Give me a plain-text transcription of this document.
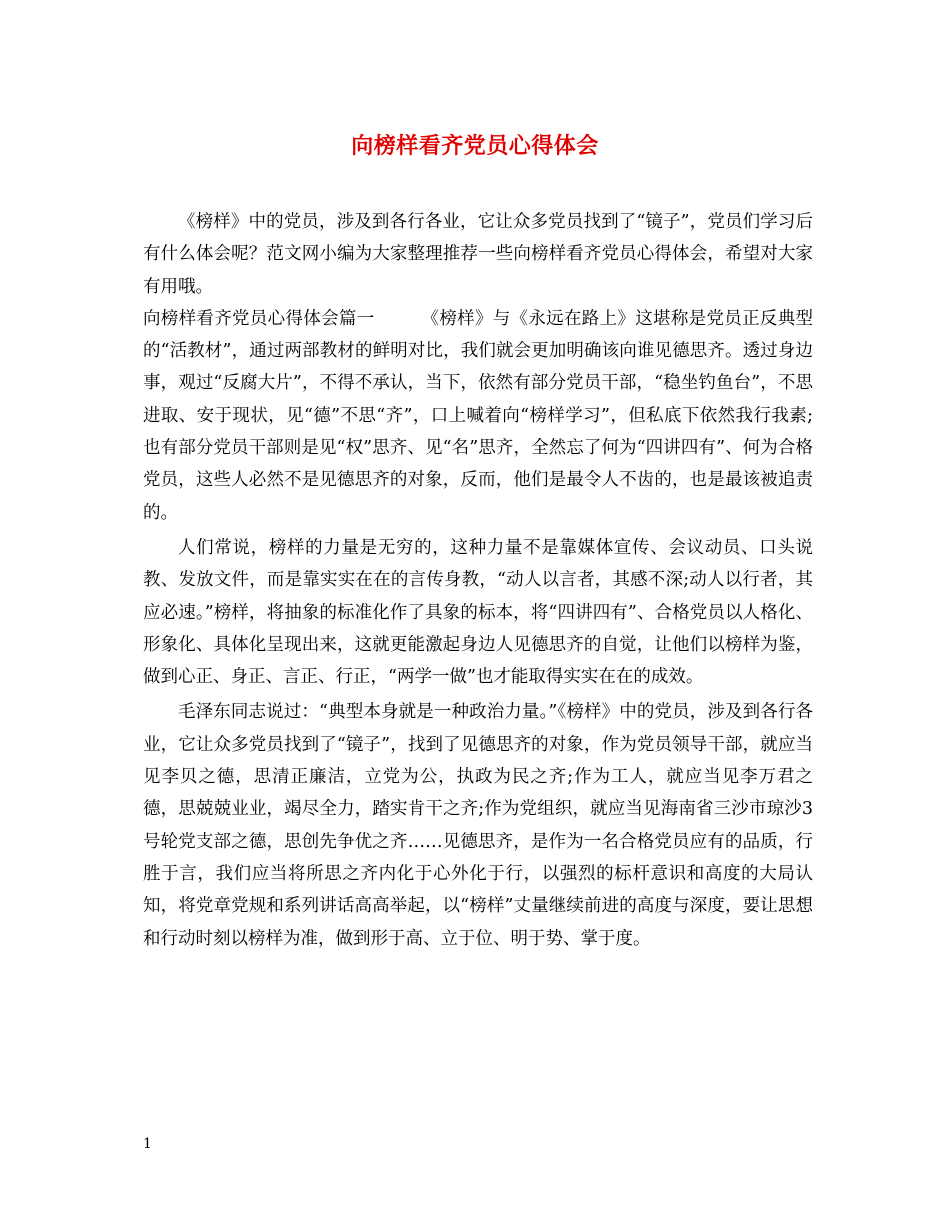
向榜样看齐党员心得体会

《榜样》中的党员，涉及到各行各业，它让众多党员找到了“镜子”，党员们学习后有什么体会呢？范文网小编为大家整理推荐一些向榜样看齐党员心得体会，希望对大家有用哦。

向榜样看齐党员心得体会篇一	《榜样》与《永远在路上》这堪称是党员正反典型的“活教材”，通过两部教材的鲜明对比，我们就会更加明确该向谁见德思齐。透过身边事，观过“反腐大片”，不得不承认，当下，依然有部分党员干部，“稳坐钓鱼台”，不思进取、安于现状，见“德”不思“齐”，口上喊着向“榜样学习”，但私底下依然我行我素;也有部分党员干部则是见“权”思齐、见“名”思齐，全然忘了何为“四讲四有”、何为合格党员，这些人必然不是见德思齐的对象，反而，他们是最令人不齿的，也是最该被追责的。

人们常说，榜样的力量是无穷的，这种力量不是靠媒体宣传、会议动员、口头说教、发放文件，而是靠实实在在的言传身教，“动人以言者，其感不深;动人以行者，其应必速。”榜样，将抽象的标准化作了具象的标本，将“四讲四有”、合格党员以人格化、形象化、具体化呈现出来，这就更能激起身边人见德思齐的自觉，让他们以榜样为鉴，做到心正、身正、言正、行正，“两学一做”也才能取得实实在在的成效。

毛泽东同志说过：“典型本身就是一种政治力量。”《榜样》中的党员，涉及到各行各业，它让众多党员找到了“镜子”，找到了见德思齐的对象，作为党员领导干部，就应当见李贝之德，思清正廉洁，立党为公，执政为民之齐;作为工人，就应当见李万君之德，思兢兢业业，竭尽全力，踏实肯干之齐;作为党组织，就应当见海南省三沙市琼沙3号轮党支部之德，思创先争优之齐……见德思齐，是作为一名合格党员应有的品质，行胜于言，我们应当将所思之齐内化于心外化于行，以强烈的标杆意识和高度的大局认知，将党章党规和系列讲话高高举起，以“榜样”丈量继续前进的高度与深度，要让思想和行动时刻以榜样为准，做到形于高、立于位、明于势、掌于度。

1
